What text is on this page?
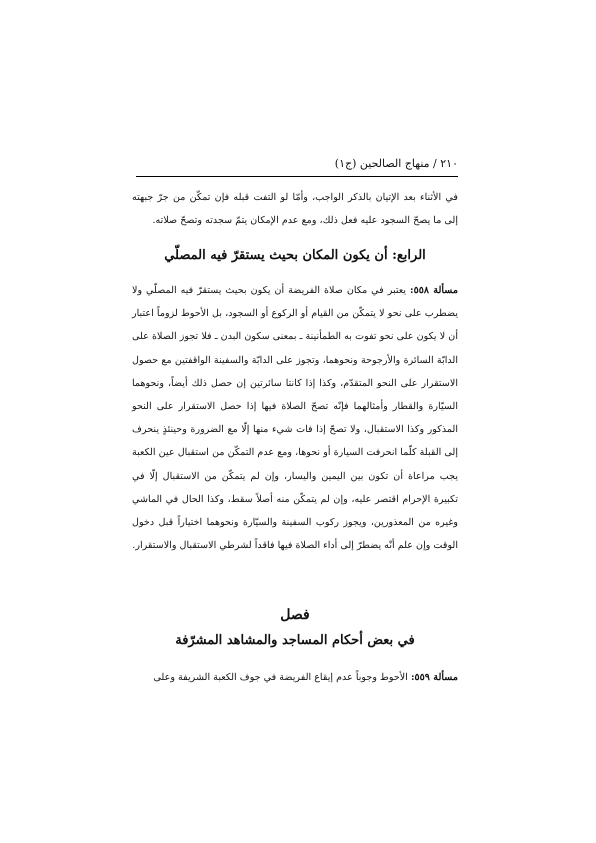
٢١٠ / منهاج الصالحين (ج١)

في الأثناء بعد الإتيان بالذكر الواجب، وأمّا لو التفت قبله فإن تمكّن من جرّ جبهته إلى ما يصحّ السجود عليه فعل ذلك، ومع عدم الإمكان يتمّ سجدته وتصحّ صلاته.

الرابع: أن يكون المكان بحيث يستقرّ فيه المصلّي

مسألة ٥٥٨: يعتبر في مكان صلاة الفريضة أن يكون بحيث يستقرّ فيه المصلّي ولا يضطرب على نحو لا يتمكّن من القيام أو الركوع أو السجود، بل الأحوط لزوماً اعتبار أن لا يكون على نحو تفوت به الطمأنينة ـ بمعنى سكون البدن ـ فلا تجوز الصلاة على الدابّة السائرة والأرجوحة ونحوهما، وتجوز على الدابّة والسفينة الواقفتين مع حصول الاستقرار على النحو المتقدّم، وكذا إذا كانتا سائرتين إن حصل ذلك أيضاً، ونحوهما السيّارة والقطار وأمثالهما فإنّه تصحّ الصلاة فيها إذا حصل الاستقرار على النحو المذكور وكذا الاستقبال، ولا تصحّ إذا فات شيء منها إلّا مع الضرورة وحينئذٍ ينحرف إلى القبلة كلّما انحرفت السيارة أو نحوها، ومع عدم التمكّن من استقبال عين الكعبة يجب مراعاة أن تكون بين اليمين واليسار، وإن لم يتمكّن من الاستقبال إلّا في تكبيرة الإحرام اقتصر عليه، وإن لم يتمكّن منه أصلاً سقط، وكذا الحال في الماشي وغيره من المعذورين، ويجوز ركوب السفينة والسيّارة ونحوهما اختياراً قبل دخول الوقت وإن علم أنّه يضطرّ إلى أداء الصلاة فيها فاقداً لشرطي الاستقبال والاستقرار.

فصل
في بعض أحكام المساجد والمشاهد المشرّفة

مسألة ٥٥٩: الأحوط وجوباً عدم إيقاع الفريضة في جوف الكعبة الشريفة وعلى
